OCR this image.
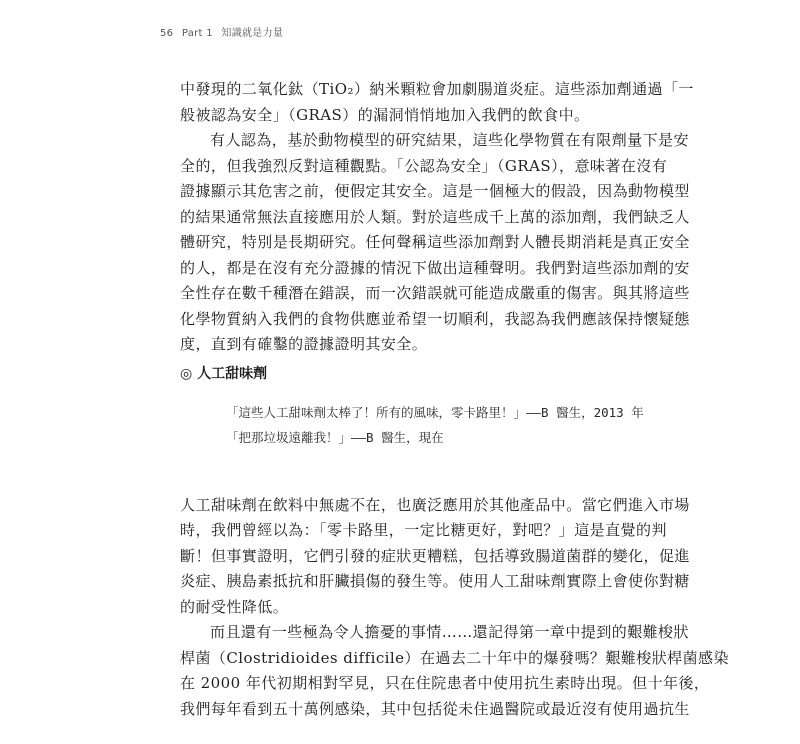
56 Part 1 知識就是力量
中發現的二氧化鈦（TiO₂）納米顆粒會加劇腸道炎症。這些添加劑通過「一
般被認為安全」（GRAS）的漏洞悄悄地加入我們的飲食中。
有人認為，基於動物模型的研究結果，這些化學物質在有限劑量下是安
全的，但我強烈反對這種觀點。「公認為安全」（GRAS），意味著在沒有
證據顯示其危害之前，便假定其安全。這是一個極大的假設，因為動物模型
的結果通常無法直接應用於人類。對於這些成千上萬的添加劑，我們缺乏人
體研究，特別是長期研究。任何聲稱這些添加劑對人體長期消耗是真正安全
的人，都是在沒有充分證據的情況下做出這種聲明。我們對這些添加劑的安
全性存在數千種潛在錯誤，而一次錯誤就可能造成嚴重的傷害。與其將這些
化學物質納入我們的食物供應並希望一切順利，我認為我們應該保持懷疑態
度，直到有確鑿的證據證明其安全。
◎ 人工甜味劑
「這些人工甜味劑太棒了！所有的風味，零卡路里！」——B 醫生，2013 年
「把那垃圾遠離我！」——B 醫生，現在
人工甜味劑在飲料中無處不在，也廣泛應用於其他產品中。當它們進入市場
時，我們曾經以為：「零卡路里，一定比糖更好，對吧？」這是直覺的判
斷！但事實證明，它們引發的症狀更糟糕，包括導致腸道菌群的變化，促進
炎症、胰島素抵抗和肝臟損傷的發生等。使用人工甜味劑實際上會使你對糖
的耐受性降低。
而且還有一些極為令人擔憂的事情……還記得第一章中提到的艱難梭狀
桿菌（Clostridioides difficile）在過去二十年中的爆發嗎？艱難梭狀桿菌感染
在 2000 年代初期相對罕見，只在住院患者中使用抗生素時出現。但十年後，
我們每年看到五十萬例感染，其中包括從未住過醫院或最近沒有使用過抗生
